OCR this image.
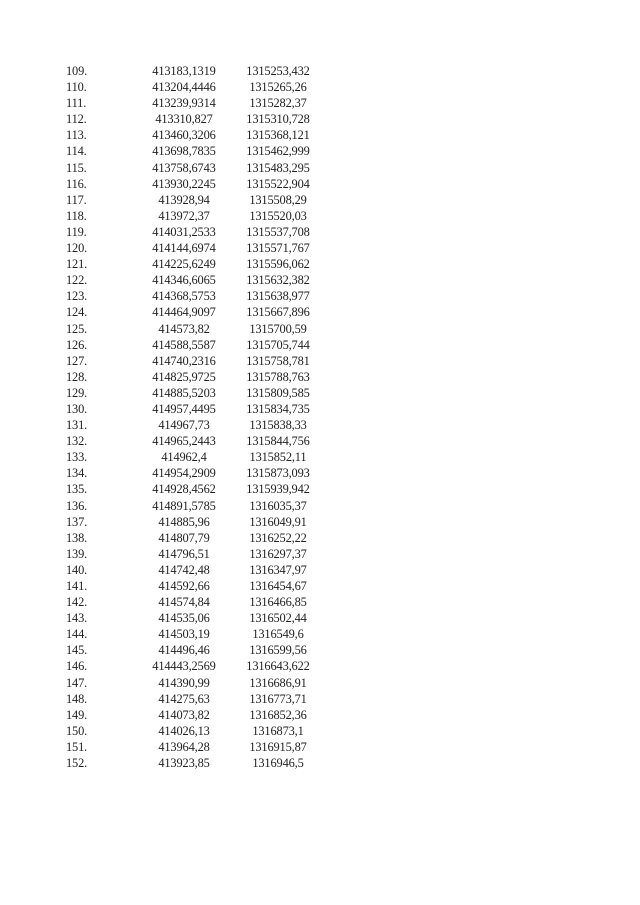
109.	413183,1319	1315253,432
110.	413204,4446	1315265,26
111.	413239,9314	1315282,37
112.	413310,827	1315310,728
113.	413460,3206	1315368,121
114.	413698,7835	1315462,999
115.	413758,6743	1315483,295
116.	413930,2245	1315522,904
117.	413928,94	1315508,29
118.	413972,37	1315520,03
119.	414031,2533	1315537,708
120.	414144,6974	1315571,767
121.	414225,6249	1315596,062
122.	414346,6065	1315632,382
123.	414368,5753	1315638,977
124.	414464,9097	1315667,896
125.	414573,82	1315700,59
126.	414588,5587	1315705,744
127.	414740,2316	1315758,781
128.	414825,9725	1315788,763
129.	414885,5203	1315809,585
130.	414957,4495	1315834,735
131.	414967,73	1315838,33
132.	414965,2443	1315844,756
133.	414962,4	1315852,11
134.	414954,2909	1315873,093
135.	414928,4562	1315939,942
136.	414891,5785	1316035,37
137.	414885,96	1316049,91
138.	414807,79	1316252,22
139.	414796,51	1316297,37
140.	414742,48	1316347,97
141.	414592,66	1316454,67
142.	414574,84	1316466,85
143.	414535,06	1316502,44
144.	414503,19	1316549,6
145.	414496,46	1316599,56
146.	414443,2569	1316643,622
147.	414390,99	1316686,91
148.	414275,63	1316773,71
149.	414073,82	1316852,36
150.	414026,13	1316873,1
151.	413964,28	1316915,87
152.	413923,85	1316946,5
